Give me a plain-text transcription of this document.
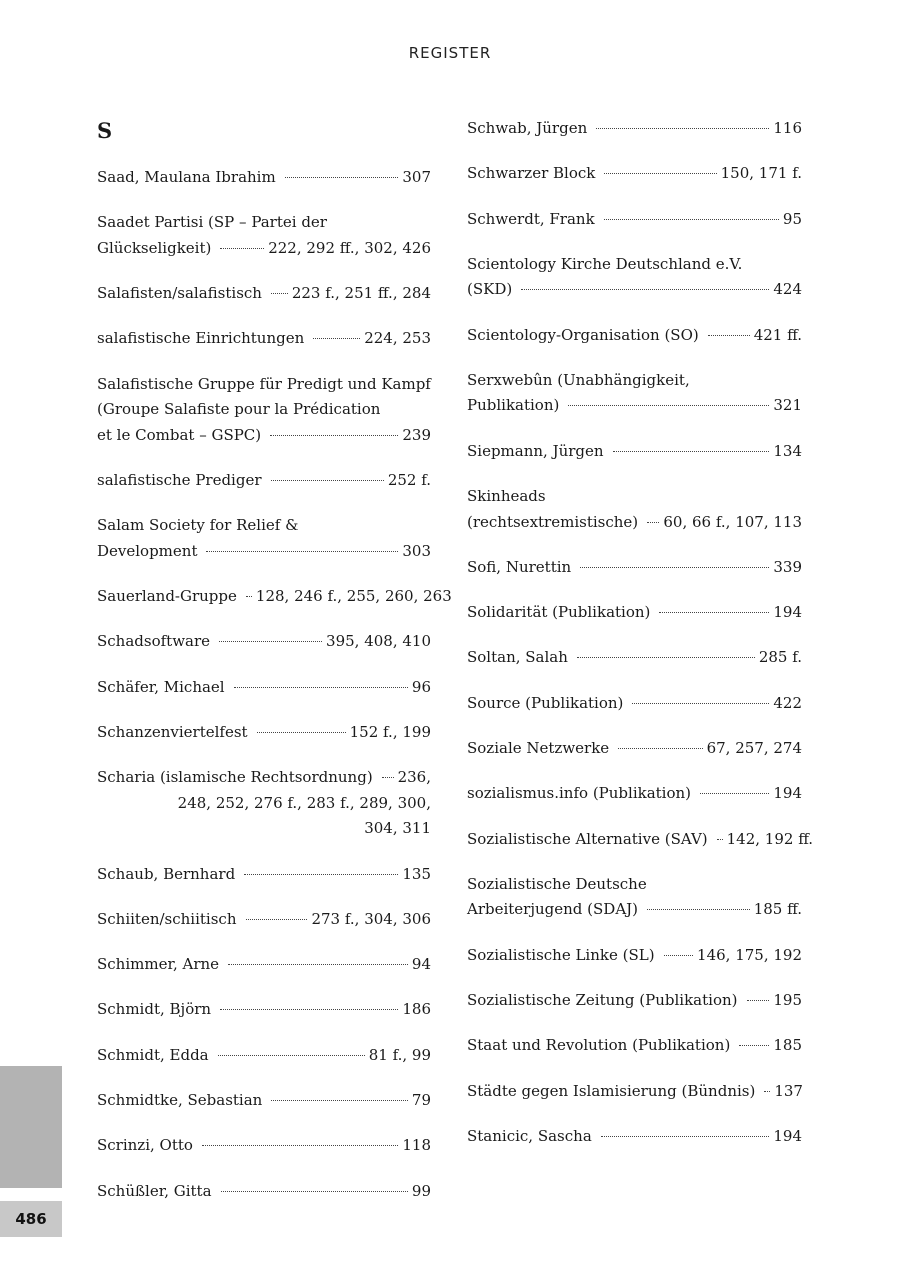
REGISTER
S
Saad, Maulana Ibrahim	307
Saadet Partisi (SP – Partei der
Glückseligkeit)	222, 292 ff., 302, 426
Salafisten/salafistisch 223 f., 251 ff., 284
salafistische Einrichtungen	224, 253
Salafistische Gruppe für Predigt und Kampf
(Groupe Salafiste pour la Prédication
et le Combat – GSPC)	239
salafistische Prediger	252 f.
Salam Society for Relief &
Development	303
Sauerland-Gruppe 128, 246 f., 255, 260, 263
Schadsoftware	395, 408, 410
Schäfer, Michael	96
Schanzenviertelfest	152 f., 199
Scharia (islamische Rechtsordnung) 236,
248, 252, 276 f., 283 f., 289, 300, 304, 311
Schaub, Bernhard	135
Schiiten/schiitisch	273 f., 304, 306
Schimmer, Arne	94
Schmidt, Björn	186
Schmidt, Edda	81 f., 99
Schmidtke, Sebastian	79
Scrinzi, Otto	118
Schüßler, Gitta	99
Schwab, Jürgen	116
Schwarzer Block	150, 171 f.
Schwerdt, Frank	95
Scientology Kirche Deutschland e.V.
(SKD)	424
Scientology-Organisation (SO)	421 ff.
Serxwebûn (Unabhängigkeit,
Publikation)	321
Siepmann, Jürgen	134
Skinheads
(rechtsextremistische) 60, 66 f., 107, 113
Sofi, Nurettin	339
Solidarität (Publikation)	194
Soltan, Salah	285 f.
Source (Publikation)	422
Soziale Netzwerke	67, 257, 274
sozialismus.info (Publikation)	194
Sozialistische Alternative (SAV) 142, 192 ff.
Sozialistische Deutsche
Arbeiterjugend (SDAJ)	185 ff.
Sozialistische Linke (SL)	146, 175, 192
Sozialistische Zeitung (Publikation) 195
Staat und Revolution (Publikation)	185
Städte gegen Islamisierung (Bündnis) 137
Stanicic, Sascha	194
486
